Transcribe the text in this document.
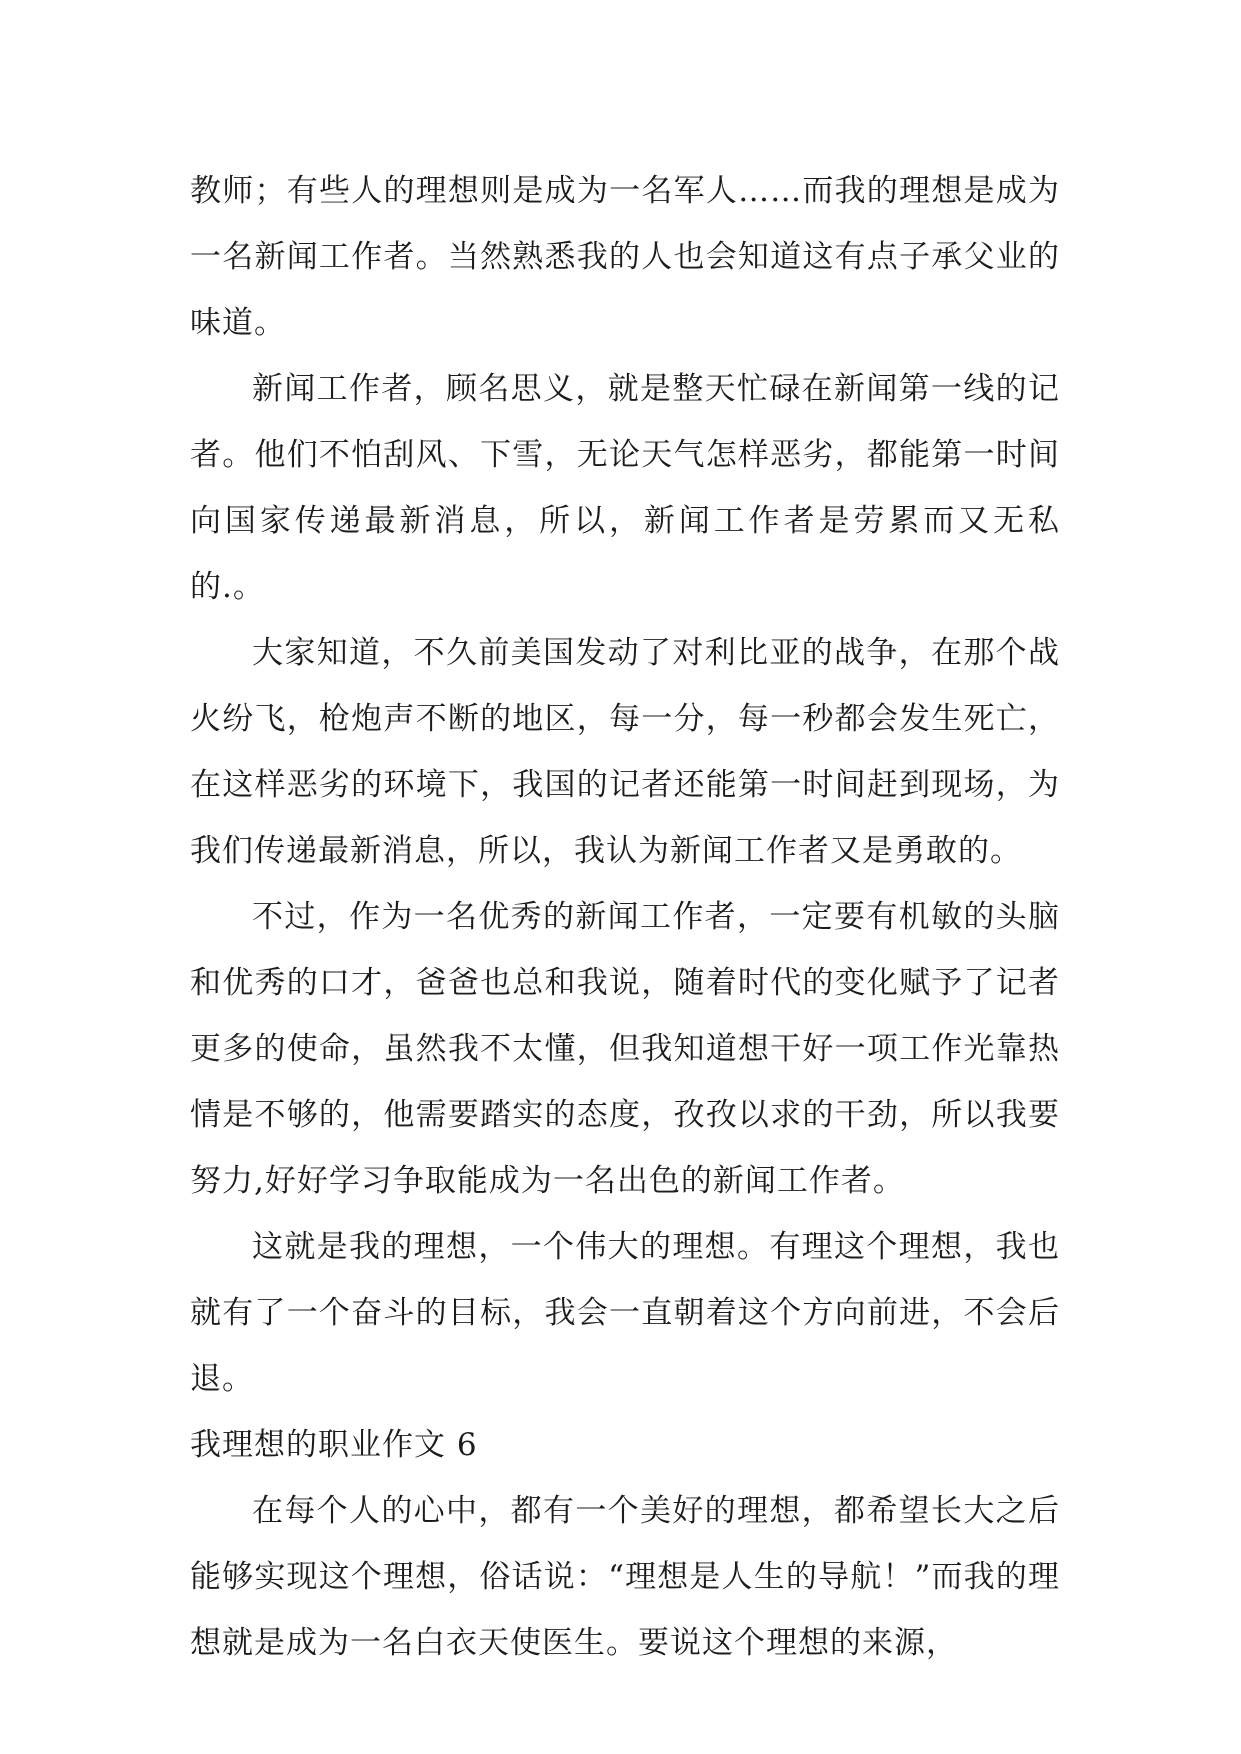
教师；有些人的理想则是成为一名军人……而我的理想是成为一名新闻工作者。当然熟悉我的人也会知道这有点子承父业的味道。

新闻工作者，顾名思义，就是整天忙碌在新闻第一线的记者。他们不怕刮风、下雪，无论天气怎样恶劣，都能第一时间向国家传递最新消息，所以，新闻工作者是劳累而又无私的.。

大家知道，不久前美国发动了对利比亚的战争，在那个战火纷飞，枪炮声不断的地区，每一分，每一秒都会发生死亡，在这样恶劣的环境下，我国的记者还能第一时间赶到现场，为我们传递最新消息，所以，我认为新闻工作者又是勇敢的。

不过，作为一名优秀的新闻工作者，一定要有机敏的头脑和优秀的口才，爸爸也总和我说，随着时代的变化赋予了记者更多的使命，虽然我不太懂，但我知道想干好一项工作光靠热情是不够的，他需要踏实的态度，孜孜以求的干劲，所以我要努力,好好学习争取能成为一名出色的新闻工作者。

这就是我的理想，一个伟大的理想。有理这个理想，我也就有了一个奋斗的目标，我会一直朝着这个方向前进，不会后退。

我理想的职业作文 6

在每个人的心中，都有一个美好的理想，都希望长大之后能够实现这个理想，俗话说：“理想是人生的导航！”而我的理想就是成为一名白衣天使医生。要说这个理想的来源，
